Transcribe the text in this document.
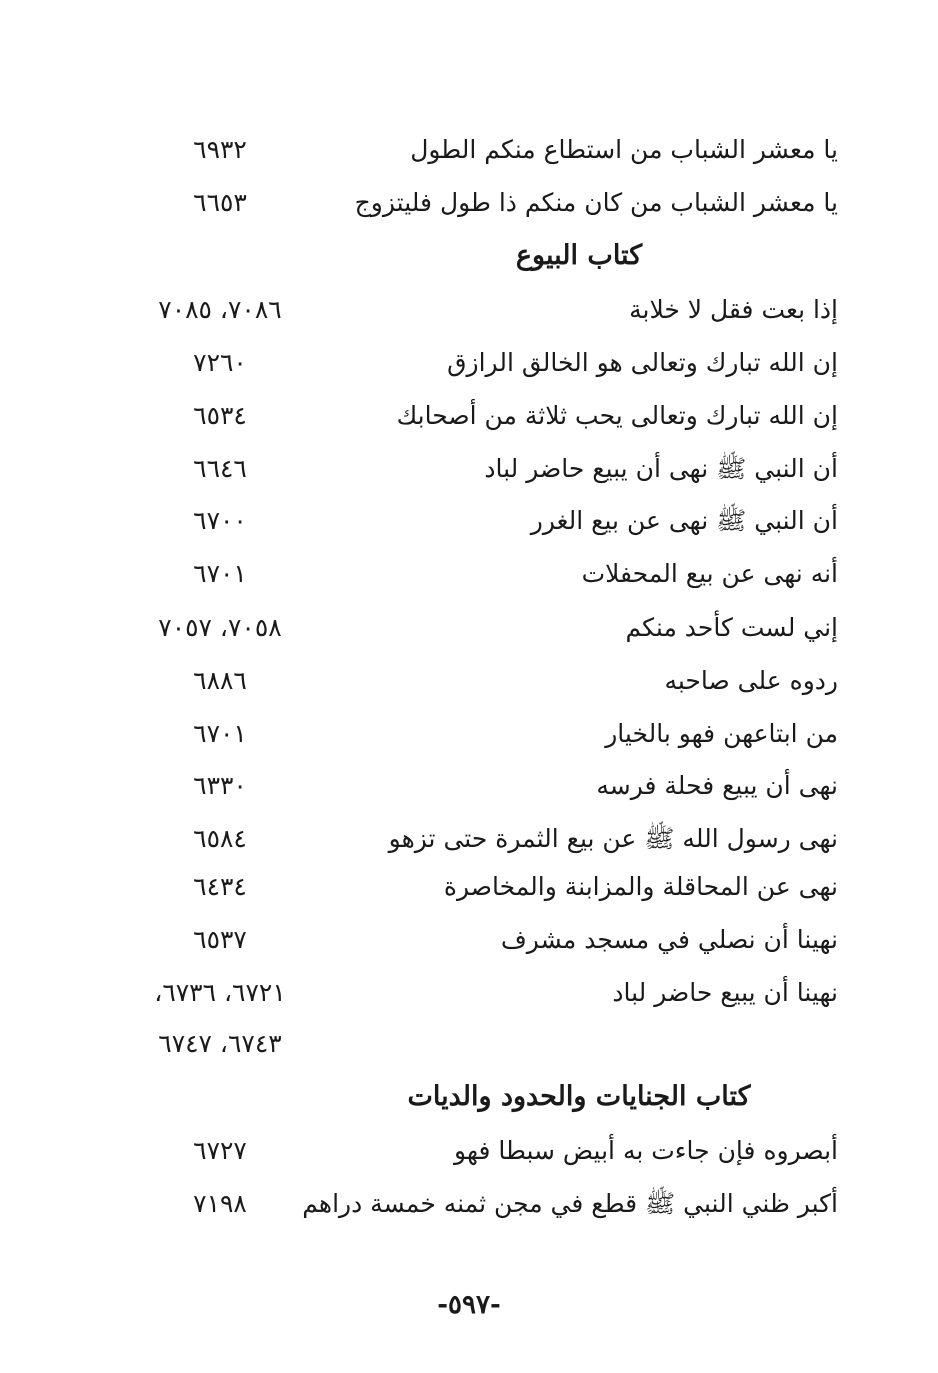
يا معشر الشباب من استطاع منكم الطول
٦٩٣٢
يا معشر الشباب من كان منكم ذا طول فليتزوج
٦٦٥٣
كتاب البيوع
إذا بعت فقل لا خلابة
٧٠٨٦، ٧٠٨٥
إن الله تبارك وتعالى هو الخالق الرازق
٧٢٦٠
إن الله تبارك وتعالى يحب ثلاثة من أصحابك
٦٥٣٤
أن النبي ﷺ نهى أن يبيع حاضر لباد
٦٦٤٦
أن النبي ﷺ نهى عن بيع الغرر
٦٧٠٠
أنه نهى عن بيع المحفلات
٦٧٠١
إني لست كأحد منكم
٧٠٥٨، ٧٠٥٧
ردوه على صاحبه
٦٨٨٦
من ابتاعهن فهو بالخيار
٦٧٠١
نهى أن يبيع فحلة فرسه
٦٣٣٠
نهى رسول الله ﷺ عن بيع الثمرة حتى تزهو
٦٥٨٤
نهى عن المحاقلة والمزابنة والمخاصرة
٦٤٣٤
نهينا أن نصلي في مسجد مشرف
٦٥٣٧
نهينا أن يبيع حاضر لباد
٦٧٢١، ٦٧٣٦،
٦٧٤٣، ٦٧٤٧
كتاب الجنايات والحدود والديات
أبصروه فإن جاءت به أبيض سبطا فهو
٦٧٢٧
أكبر ظني النبي ﷺ قطع في مجن ثمنه خمسة دراهم
٧١٩٨
-٥٩٧-
